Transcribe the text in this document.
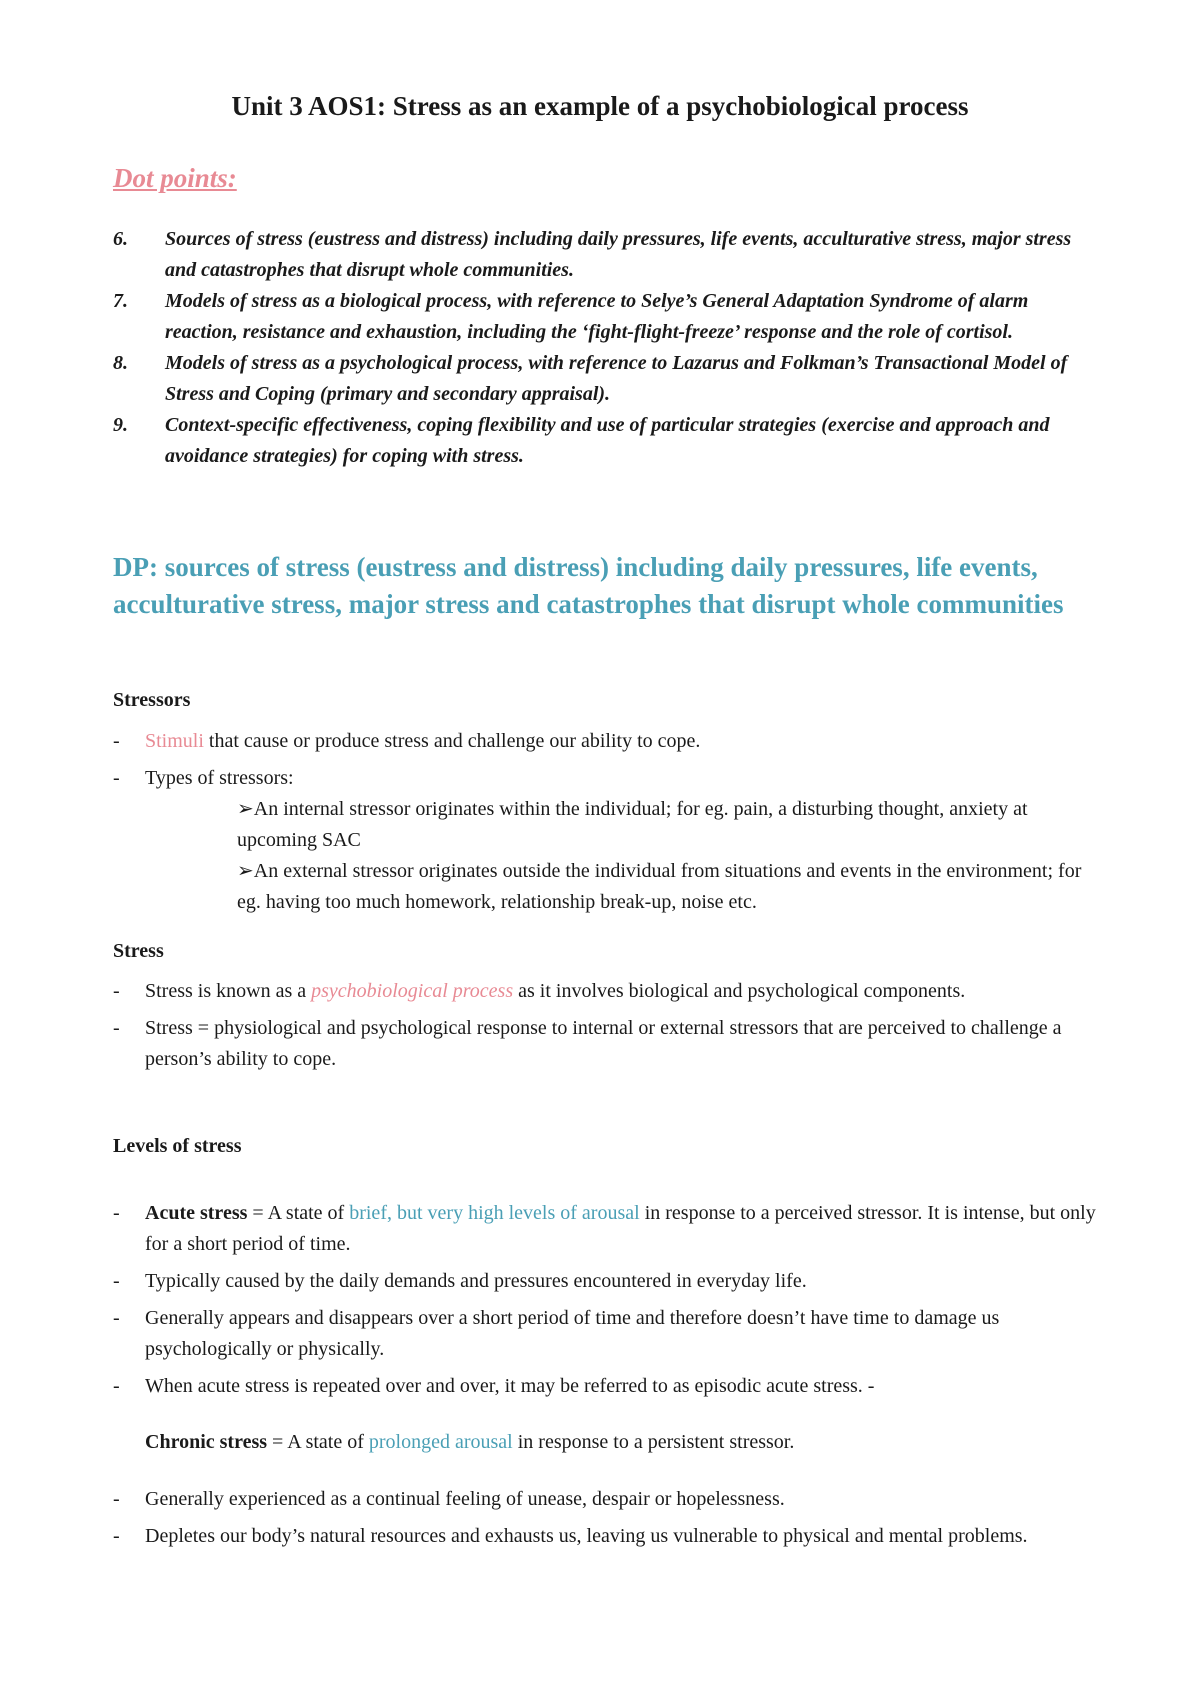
Unit 3 AOS1: Stress as an example of a psychobiological process
Dot points:
6. Sources of stress (eustress and distress) including daily pressures, life events, acculturative stress, major stress and catastrophes that disrupt whole communities.
7. Models of stress as a biological process, with reference to Selye’s General Adaptation Syndrome of alarm reaction, resistance and exhaustion, including the ‘fight-flight-freeze’ response and the role of cortisol.
8. Models of stress as a psychological process, with reference to Lazarus and Folkman’s Transactional Model of Stress and Coping (primary and secondary appraisal).
9. Context-specific effectiveness, coping flexibility and use of particular strategies (exercise and approach and avoidance strategies) for coping with stress.
DP: sources of stress (eustress and distress) including daily pressures, life events, acculturative stress, major stress and catastrophes that disrupt whole communities
Stressors
- Stimuli that cause or produce stress and challenge our ability to cope.
- Types of stressors:
➢An internal stressor originates within the individual; for eg. pain, a disturbing thought, anxiety at upcoming SAC
➢An external stressor originates outside the individual from situations and events in the environment; for eg. having too much homework, relationship break-up, noise etc.
Stress
- Stress is known as a psychobiological process as it involves biological and psychological components.
- Stress = physiological and psychological response to internal or external stressors that are perceived to challenge a person’s ability to cope.
Levels of stress
- Acute stress = A state of brief, but very high levels of arousal in response to a perceived stressor. It is intense, but only for a short period of time.
- Typically caused by the daily demands and pressures encountered in everyday life.
- Generally appears and disappears over a short period of time and therefore doesn’t have time to damage us psychologically or physically.
- When acute stress is repeated over and over, it may be referred to as episodic acute stress. -
Chronic stress = A state of prolonged arousal in response to a persistent stressor.
- Generally experienced as a continual feeling of unease, despair or hopelessness.
- Depletes our body’s natural resources and exhausts us, leaving us vulnerable to physical and mental problems.
